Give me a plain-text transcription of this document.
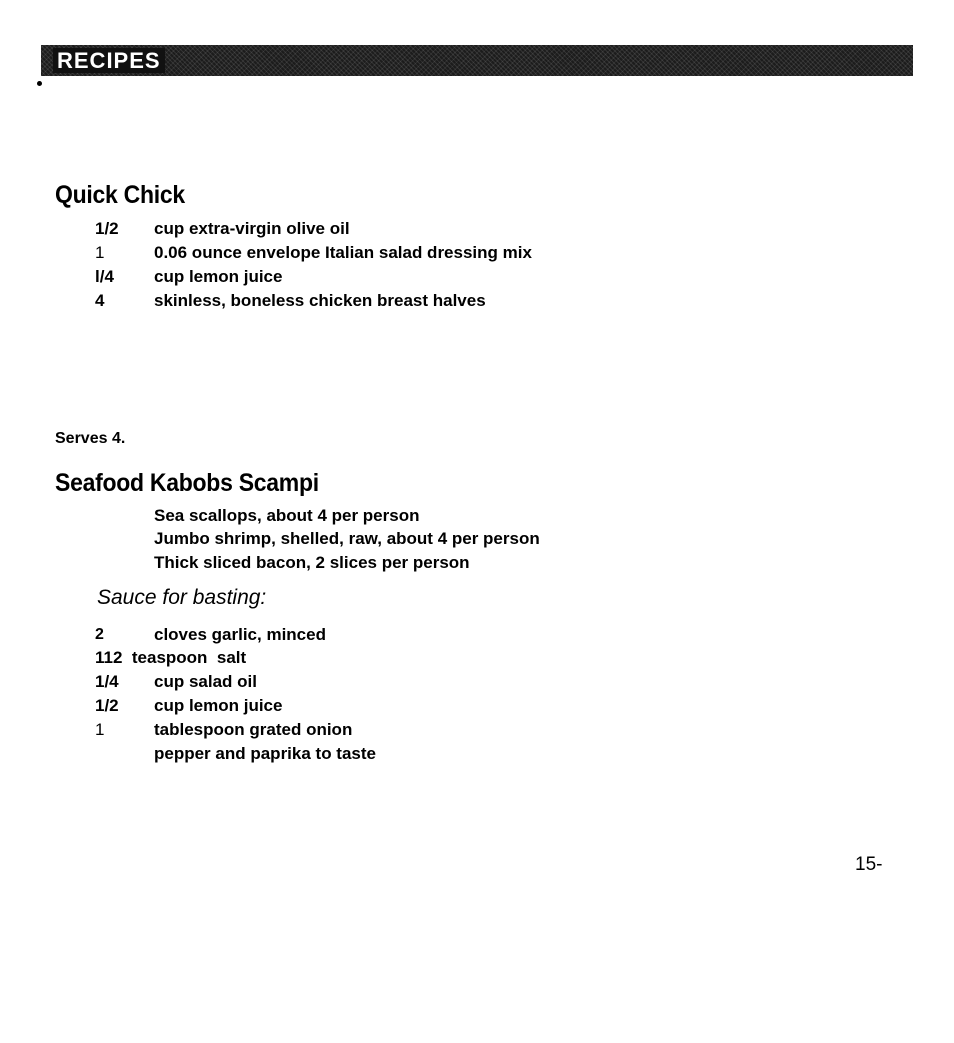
RECIPES
Quick Chick
1/2 cup extra-virgin olive oil
1	0.06 ounce envelope Italian salad dressing mix
l/4 cup lemon juice
4	skinless, boneless chicken breast halves
Serves 4.
Seafood Kabobs Scampi
Sea scallops, about 4 per person
Jumbo shrimp, shelled, raw, about 4 per person
Thick sliced bacon, 2 slices per person
Sauce for basting:
2	cloves garlic, minced
112  teaspoon  salt
1/4 cup salad oil
1/2 cup lemon juice
1	tablespoon grated onion
pepper and paprika to taste
15-
